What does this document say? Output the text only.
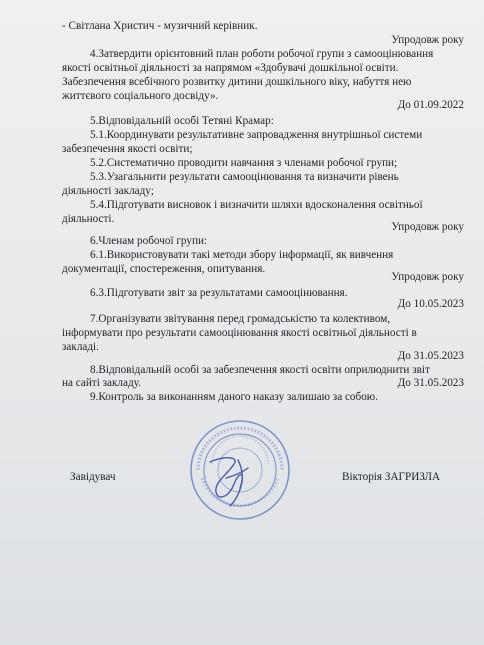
- Світлана Христич - музичний керівник.
Упродовж року
4.Затвердити орієнтовний план роботи робочої групи з самооцінювання
якості освітньої діяльності за напрямом «Здобувачі дошкільної освіти.
Забезпечення всебічного розвитку дитини дошкільного віку, набуття нею
життєвого соціального досвіду».
До 01.09.2022
5.Відповідальній особі Тетяні Крамар:
5.1.Координувати результативне запровадження внутрішньої системи
забезпечення якості освіти;
5.2.Систематично проводити навчання з членами робочої групи;
5.3.Узагальнити результати самооцінювання та визначити рівень
діяльності закладу;
5.4.Підготувати висновок і визначити шляхи вдосконалення освітньої
діяльності.
Упродовж року
6.Членам робочої групи:
6.1.Використовувати такі методи збору інформації, як вивчення
документації, спостереження, опитування.
Упродовж року
6.3.Підготувати звіт за результатами самооцінювання.
До 10.05.2023
7.Організувати звітування перед громадськістю та колективом,
інформувати про результати самооцінювання якості освітньої діяльності в
закладі.
До 31.05.2023
8.Відповідальній особі за забезпечення якості освіти оприлюднити звіт
на сайті закладу.	До 31.05.2023
9.Контроль за виконанням даного наказу залишаю за собою.
Завідувач	Вікторія ЗАГРИЗЛА
